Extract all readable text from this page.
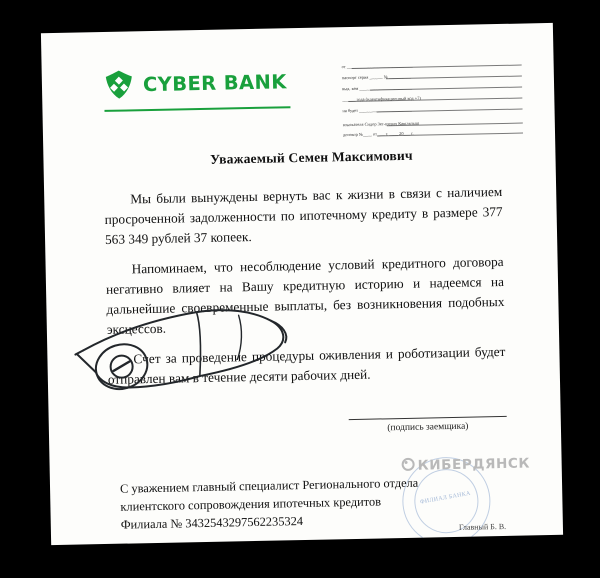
CYBER BANK
от ______________________________
паспорт серия ______ № __________
выд. кем ________________________
______ года (идентификационный код +7)
на будет ________________________
взыскателя Сидор Зет-шевич Кашлялыш
договор №____ от ___ г. ____ 20___ г.
Уважаемый Семен Максимович
Мы были вынуждены вернуть вас к жизни в связи с наличием просроченной задолженности по ипотечному кредиту в размере 377 563 349 рублей 37 копеек.
Напоминаем, что несоблюдение условий кредитного договора негативно влияет на Вашу кредитную историю и надеемся на дальнейшие своевременные выплаты, без возникновения подобных эксцессов.
Счет за проведение процедуры оживления и роботизации будет отправлен вам в течение десяти рабочих дней.
(подпись заемщика)
С уважением главный специалист Регионального отдела клиентского сопровождения ипотечных кредитов Филиала № 3432543297562235324
ФИЛИАЛ БАНКА
Главный Б. В.
КИБЕРДЯНСК
